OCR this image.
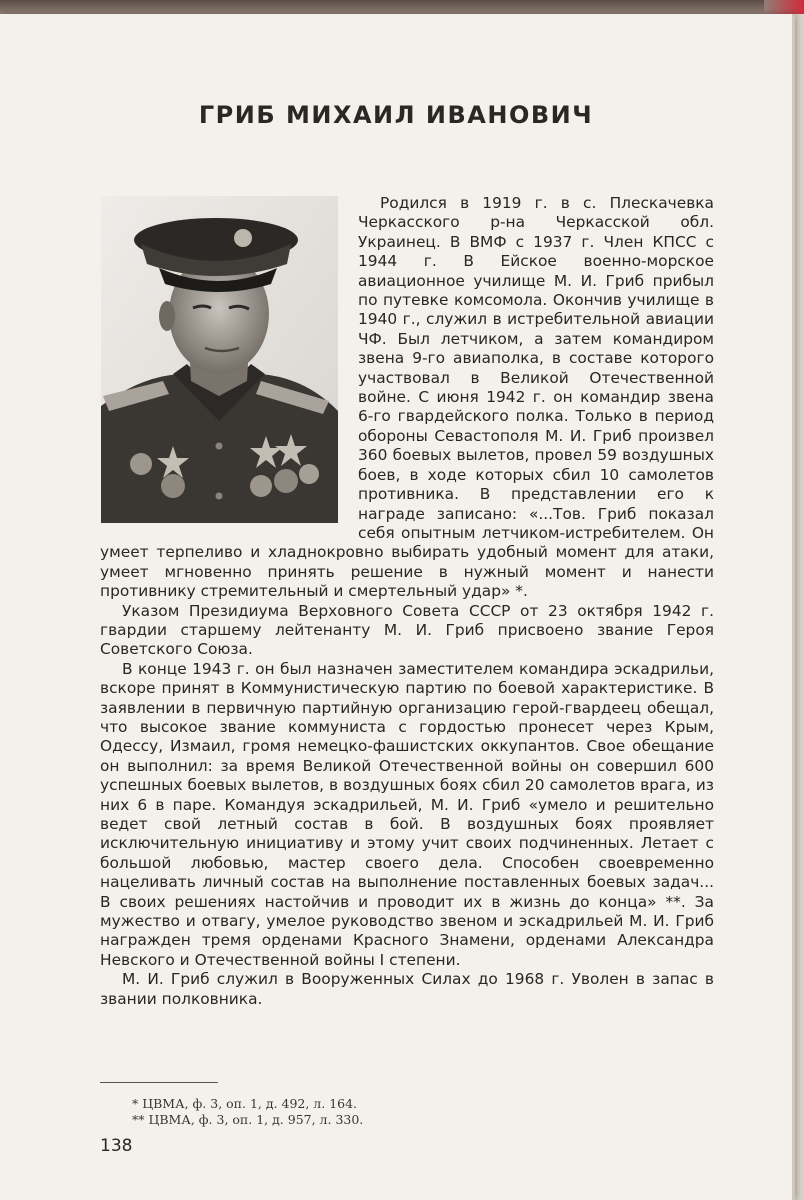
ГРИБ МИХАИЛ ИВАНОВИЧ

Родился в 1919 г. в с. Плескачевка Черкасского р-на Черкасской обл. Украинец. В ВМФ с 1937 г. Член КПСС с 1944 г. В Ейское военно-морское авиационное училище М. И. Гриб прибыл по путевке комсомола. Окончив училище в 1940 г., служил в истребительной авиации ЧФ. Был летчиком, а затем командиром звена 9-го авиаполка, в составе которого участвовал в Великой Отечественной войне. С июня 1942 г. он командир звена 6-го гвардейского полка. Только в период обороны Севастополя М. И. Гриб произвел 360 боевых вылетов, провел 59 воздушных боев, в ходе которых сбил 10 самолетов противника. В представлении его к награде записано: «...Тов. Гриб показал себя опытным летчиком-истребителем. Он умеет терпеливо и хладнокровно выбирать удобный момент для атаки, умеет мгновенно принять решение в нужный момент и нанести противнику стремительный и смертельный удар» *.

Указом Президиума Верховного Совета СССР от 23 октября 1942 г. гвардии старшему лейтенанту М. И. Гриб присвоено звание Героя Советского Союза.

В конце 1943 г. он был назначен заместителем командира эскадрильи, вскоре принят в Коммунистическую партию по боевой характеристике. В заявлении в первичную партийную организацию герой-гвардеец обещал, что высокое звание коммуниста с гордостью пронесет через Крым, Одессу, Измаил, громя немецко-фашистских оккупантов. Свое обещание он выполнил: за время Великой Отечественной войны он совершил 600 успешных боевых вылетов, в воздушных боях сбил 20 самолетов врага, из них 6 в паре. Командуя эскадрильей, М. И. Гриб «умело и решительно ведет свой летный состав в бой. В воздушных боях проявляет исключительную инициативу и этому учит своих подчиненных. Летает с большой любовью, мастер своего дела. Способен своевременно нацеливать личный состав на выполнение поставленных боевых задач... В своих решениях настойчив и проводит их в жизнь до конца» **. За мужество и отвагу, умелое руководство звеном и эскадрильей М. И. Гриб награжден тремя орденами Красного Знамени, орденами Александра Невского и Отечественной войны I степени.

М. И. Гриб служил в Вооруженных Силах до 1968 г. Уволен в запас в звании полковника.

* ЦВМА, ф. 3, оп. 1, д. 492, л. 164.
** ЦВМА, ф. 3, оп. 1, д. 957, л. 330.
138
